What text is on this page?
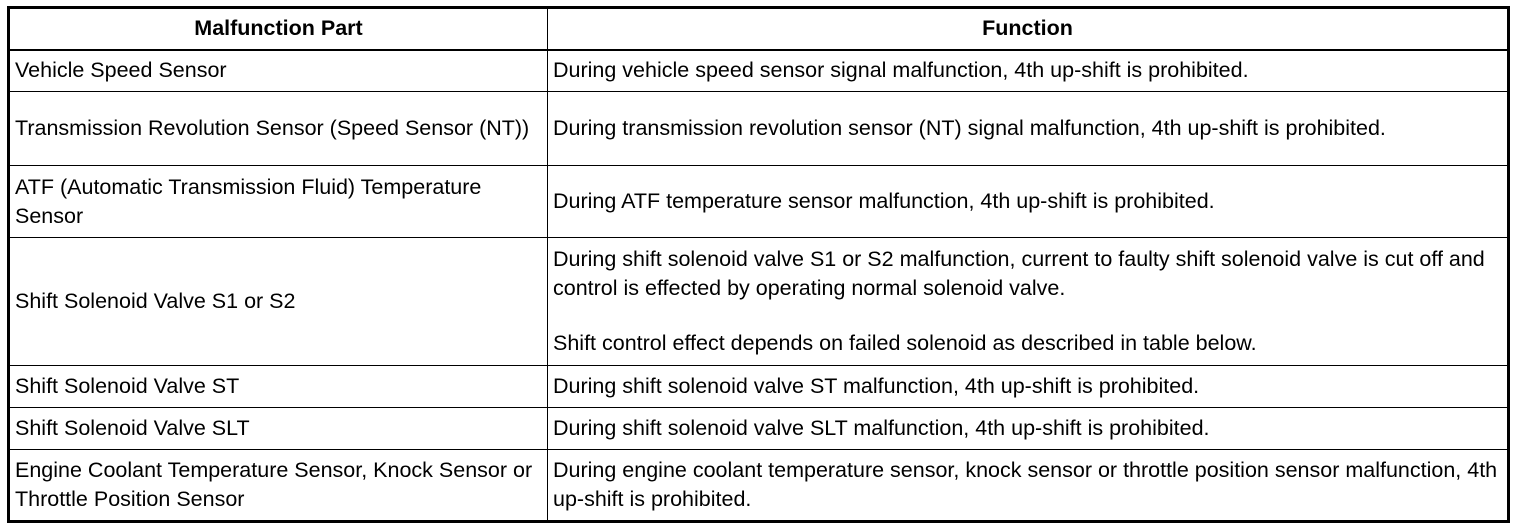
Malfunction Part	Function
Vehicle Speed Sensor	During vehicle speed sensor signal malfunction, 4th up-shift is prohibited.

Transmission Revolution Sensor (Speed Sensor (NT))	During transmission revolution sensor (NT) signal malfunction, 4th up-shift is prohibited.

ATF (Automatic Transmission Fluid) Temperature Sensor	During ATF temperature sensor malfunction, 4th up-shift is prohibited.

Shift Solenoid Valve S1 or S2	During shift solenoid valve S1 or S2 malfunction, current to faulty shift solenoid valve is cut off and control is effected by operating normal solenoid valve.
Shift control effect depends on failed solenoid as described in table below.

Shift Solenoid Valve ST	During shift solenoid valve ST malfunction, 4th up-shift is prohibited.

Shift Solenoid Valve SLT	During shift solenoid valve SLT malfunction, 4th up-shift is prohibited.

Engine Coolant Temperature Sensor, Knock Sensor or Throttle Position Sensor	During engine coolant temperature sensor, knock sensor or throttle position sensor malfunction, 4th up-shift is prohibited.
